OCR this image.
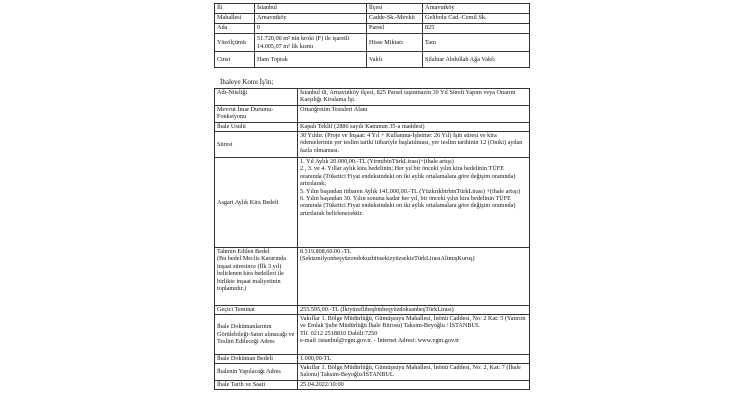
İli	İstanbul	İlçesi	Arnavutköy
Mahallesi	Arnavutköy	Cadde-Sk.-Mevkii	Gelibolu Cad.-Cemil Sk.
Ada	0	Parsel	825
Yüzölçümü	51.720,00 m² nin kroki (F) ile işaretli 14.005,07 m² lik kısmı	Hisse Miktarı	Tam
Cinsi	Ham Toprak	Vakfı	Silahtar Abdullah Ağa Vakfı
İhaleye Konu İş'in;
Adı-Niteliği	İstanbul ili, Arnavutköy ilçesi, 825 Parsel taşınmazın 30 Yıl Süreli Yapım veya Onarım Karşılığı Kiralama İşi.
Mevcut İmar Durumu-Fonksiyonu	Ortaöğretim Tesisleri Alanı
İhale Usulü	Kapalı Teklif (2886 sayılı Kanunun 35-a maddesi)
Süresi	30 Yıldır. (Proje ve İnşaat: 4 Yıl + Kullanma-İşletme: 26 Yıl) İşin süresi ve kira ödemelerinin yer teslim tarihi itibariyle başlatılması, yer teslim tarihinin 12 (Oniki) aydan fazla olmaması.
Asgari Aylık Kira Bedeli	1. Yıl Aylık 20.000,00.-TL (YirmibinTürkLirası)+(ihale artışı)
2., 3. ve 4. Yıllar aylık kira bedelinin; Her yıl bir önceki yılın kira bedelinin TÜFE oranında (Tüketici Fiyat endeksindeki on iki aylık ortalamalara göre değişim oranında) artırılarak;
5. Yılın başından itibaren Aylık 141.000,00.-TL (YüzkırkbirbinTürkLirası) +(ihale artışı)
6. Yılın başından 30. Yılın sonuna kadar her yıl, bir önceki yılın kira bedelinin TÜFE oranında (Tüketici Fiyat endeksindeki on iki aylık ortalamalara göre değişim oranında) artırılarak belirlenecektir.
Tahmin Edilen Bedel
(Bu bedel Meclis Kararında inşaat süresince (İlk 3 yıl) belirlenen kira bedelleri ile birlikte inşaat maliyetinin toplamıdır.)	8.519.808,60.00.-TL
(SekizmilyonbeşyüzondokuzbinsekizyüzsekizTürkLirasıAltmışKuruş)
Geçici Teminat	255.595,00.-TL (İkiyüzellibeşbinbeşyüzdoksanbeşTürkLirası)
İhale Dokümanlarının Görülebileği-Satın alınacağı ve Teslim Edileceği Adres	Vakıflar 1. Bölge Müdürlüğü, Gümüşsuyu Mahallesi, İnönü Caddesi, No: 2 Kat: 5 (Yatırım ve Emlak Şube Müdürlüğü İhale Bürosu) Taksim-Beyoğlu / İSTANBUL
Tlf. 0212 2518810 Dahili:7250
e-mail :istanbul@vgm.gov.tr. - İnternet Adresi: www.vgm.gov.tr
İhale Doküman Bedeli	1.000,00-TL
İhalenin Yapılacağı Adres	Vakıflar 1. Bölge Müdürlüğü, Gümüşsuyu Mahallesi, İnönü Caddesi, No: 2, Kat: 7 (İhale Salonu) Taksim-Beyoğlu/İSTANBUL
İhale Tarih ve Saati	25.04.2022/10:00
